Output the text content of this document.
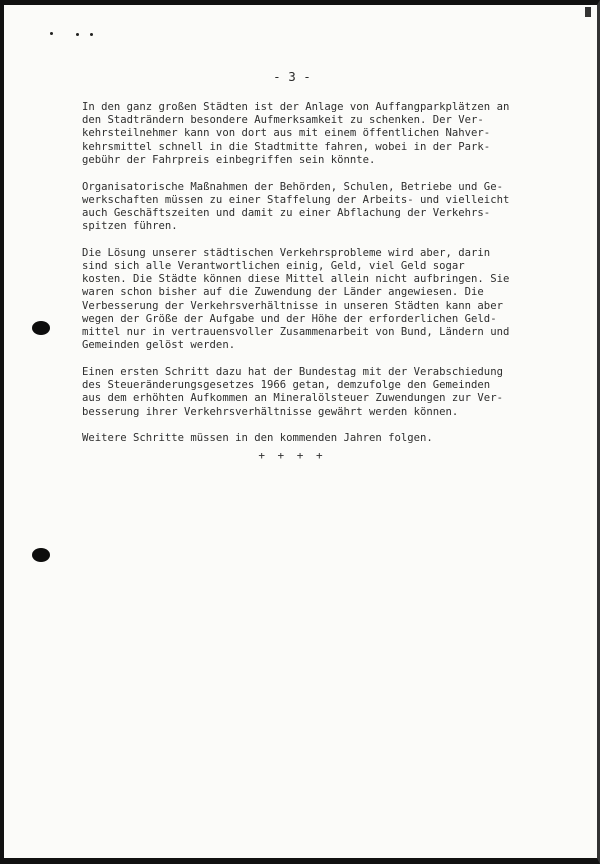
- 3 -
In den ganz großen Städten ist der Anlage von Auffangparkplätzen an
den Stadträndern besondere Aufmerksamkeit zu schenken. Der Ver-
kehrsteilnehmer kann von dort aus mit einem öffentlichen Nahver-
kehrsmittel schnell in die Stadtmitte fahren, wobei in der Park-
gebühr der Fahrpreis einbegriffen sein könnte.
Organisatorische Maßnahmen der Behörden, Schulen, Betriebe und Ge-
werkschaften müssen zu einer Staffelung der Arbeits- und vielleicht
auch Geschäftszeiten und damit zu einer Abflachung der Verkehrs-
spitzen führen.
Die Lösung unserer städtischen Verkehrsprobleme wird aber, darin
sind sich alle Verantwortlichen einig, Geld, viel Geld sogar
kosten. Die Städte können diese Mittel allein nicht aufbringen. Sie
waren schon bisher auf die Zuwendung der Länder angewiesen. Die
Verbesserung der Verkehrsverhältnisse in unseren Städten kann aber
wegen der Größe der Aufgabe und der Höhe der erforderlichen Geld-
mittel nur in vertrauensvoller Zusammenarbeit von Bund, Ländern und
Gemeinden gelöst werden.
Einen ersten Schritt dazu hat der Bundestag mit der Verabschiedung
des Steueränderungsgesetzes 1966 getan, demzufolge den Gemeinden
aus dem erhöhten Aufkommen an Mineralölsteuer Zuwendungen zur Ver-
besserung ihrer Verkehrsverhältnisse gewährt werden können.
Weitere Schritte müssen in den kommenden Jahren folgen.
+ + + +
